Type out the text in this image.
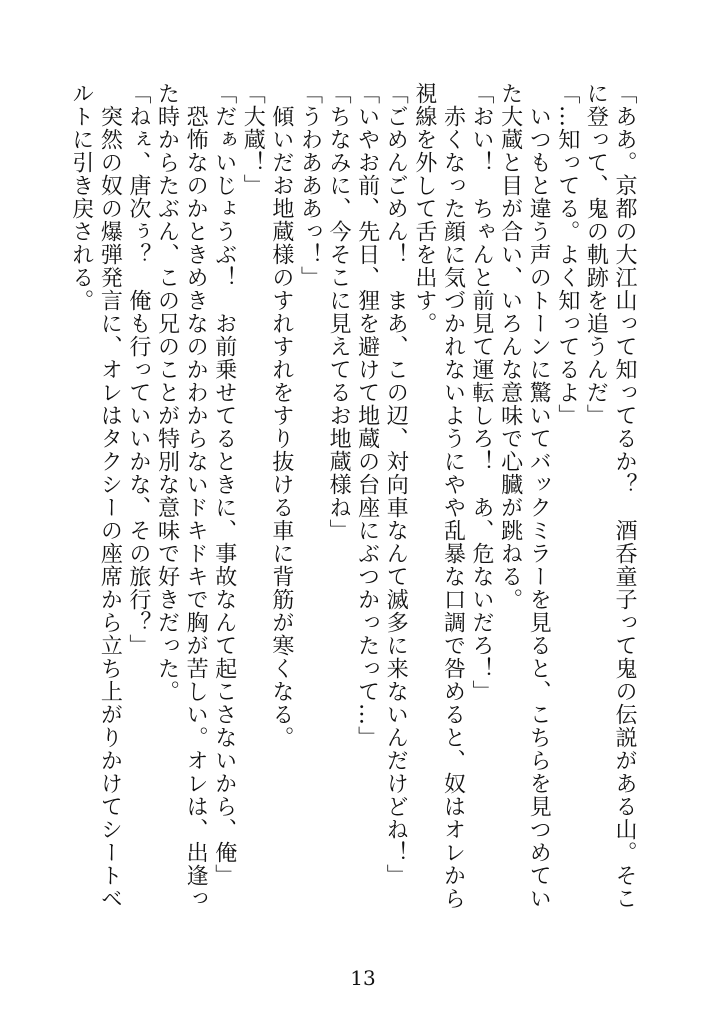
「ああ。京都の大江山って知ってるか？　酒呑童子って鬼の伝説がある山。そこ
に登って、鬼の軌跡を追うんだ」
「…知ってる。よく知ってるよ」
　いつもと違う声のトーンに驚いてバックミラーを見ると、こちらを見つめてい
た大蔵と目が合い、いろんな意味で心臓が跳ねる。
「おい！　ちゃんと前見て運転しろ！　あ、危ないだろ！」
　赤くなった顔に気づかれないようにやや乱暴な口調で咎めると、奴はオレから
視線を外して舌を出す。
「ごめんごめん！　まあ、この辺、対向車なんて滅多に来ないんだけどね！」
「いやお前、先日、狸を避けて地蔵の台座にぶつかったって…」
「ちなみに、今そこに見えてるお地蔵様ね」
「うわあああっ！」
　傾いだお地蔵様のすれすれをすり抜ける車に背筋が寒くなる。
「大蔵！」
「だぁいじょうぶ！　お前乗せてるときに、事故なんて起こさないから、俺」
　恐怖なのかときめきなのかわからないドキドキで胸が苦しい。オレは、出逢っ
た時からたぶん、この兄のことが特別な意味で好きだった。
「ねぇ、唐次ぅ？　俺も行っていいかな、その旅行？」
　突然の奴の爆弾発言に、オレはタクシーの座席から立ち上がりかけてシートベ
ルトに引き戻される。
13
